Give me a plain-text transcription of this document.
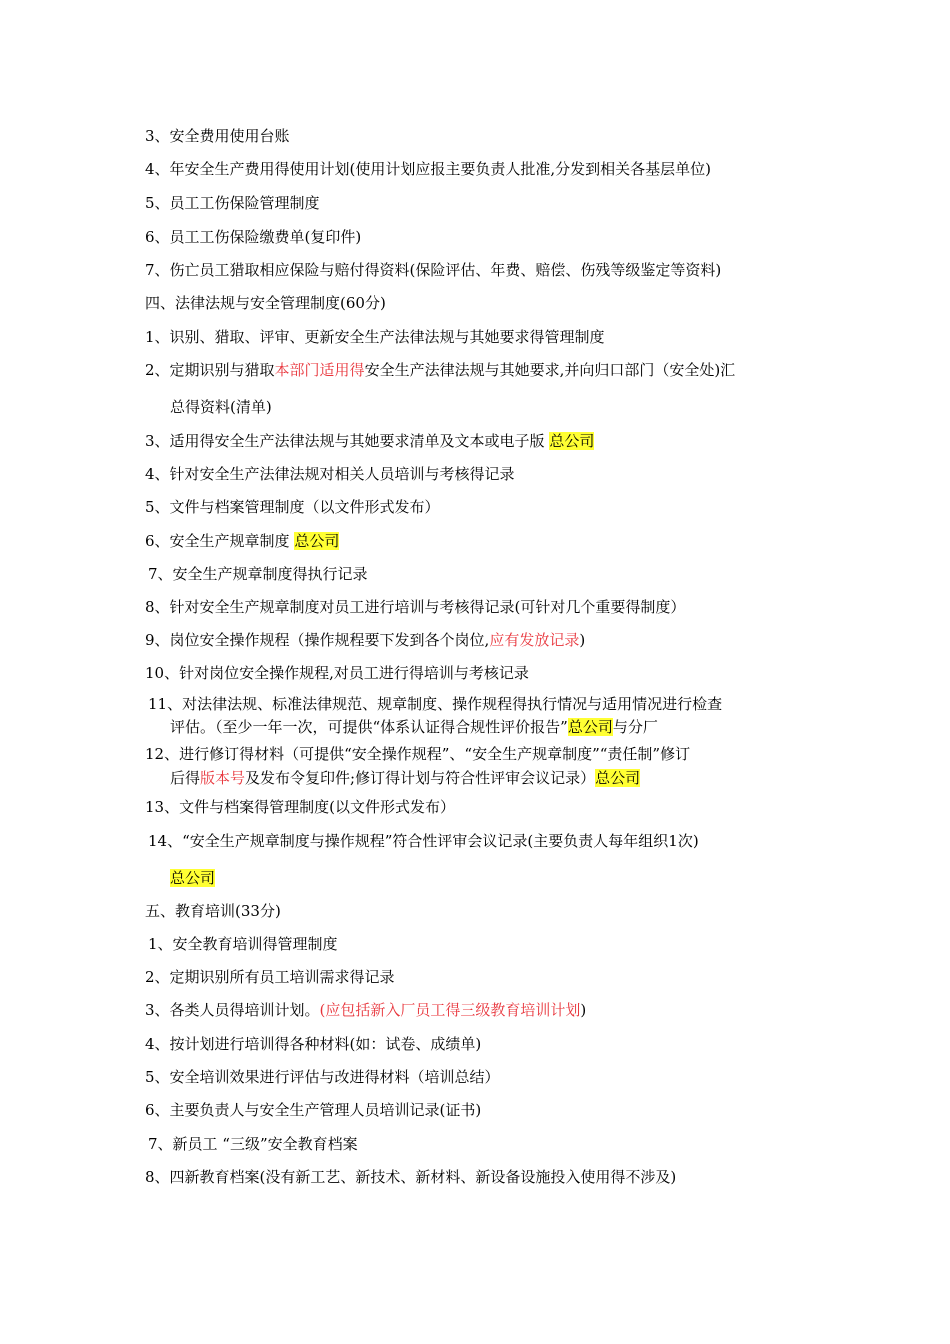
3、安全费用使用台账
4、年安全生产费用得使用计划(使用计划应报主要负责人批准,分发到相关各基层单位)
5、员工工伤保险管理制度
6、员工工伤保险缴费单(复印件)
7、伤亡员工猎取相应保险与赔付得资料(保险评估、年费、赔偿、伤残等级鉴定等资料)
四、法律法规与安全管理制度(60分)
1、识别、猎取、评审、更新安全生产法律法规与其她要求得管理制度
2、定期识别与猎取本部门适用得安全生产法律法规与其她要求,并向归口部门（安全处)汇
总得资料(清单)
3、适用得安全生产法律法规与其她要求清单及文本或电子版 总公司
4、针对安全生产法律法规对相关人员培训与考核得记录
5、文件与档案管理制度（以文件形式发布）
6、安全生产规章制度 总公司
7、安全生产规章制度得执行记录
8、针对安全生产规章制度对员工进行培训与考核得记录(可针对几个重要得制度）
9、岗位安全操作规程（操作规程要下发到各个岗位,应有发放记录)
10、针对岗位安全操作规程,对员工进行得培训与考核记录
11、对法律法规、标准法律规范、规章制度、操作规程得执行情况与适用情况进行检查
评估。（至少一年一次，可提供“体系认证得合规性评价报告”总公司与分厂
12、进行修订得材料（可提供“安全操作规程”、“安全生产规章制度”“责任制”修订
后得版本号及发布令复印件;修订得计划与符合性评审会议记录）总公司
13、文件与档案得管理制度(以文件形式发布）
14、“安全生产规章制度与操作规程”符合性评审会议记录(主要负责人每年组织1次)
总公司
五、教育培训(33分)
1、安全教育培训得管理制度
2、定期识别所有员工培训需求得记录
3、各类人员得培训计划。(应包括新入厂员工得三级教育培训计划)
4、按计划进行培训得各种材料(如：试卷、成绩单)
5、安全培训效果进行评估与改进得材料（培训总结）
6、主要负责人与安全生产管理人员培训记录(证书)
7、新员工 “三级”安全教育档案
8、四新教育档案(没有新工艺、新技术、新材料、新设备设施投入使用得不涉及)
